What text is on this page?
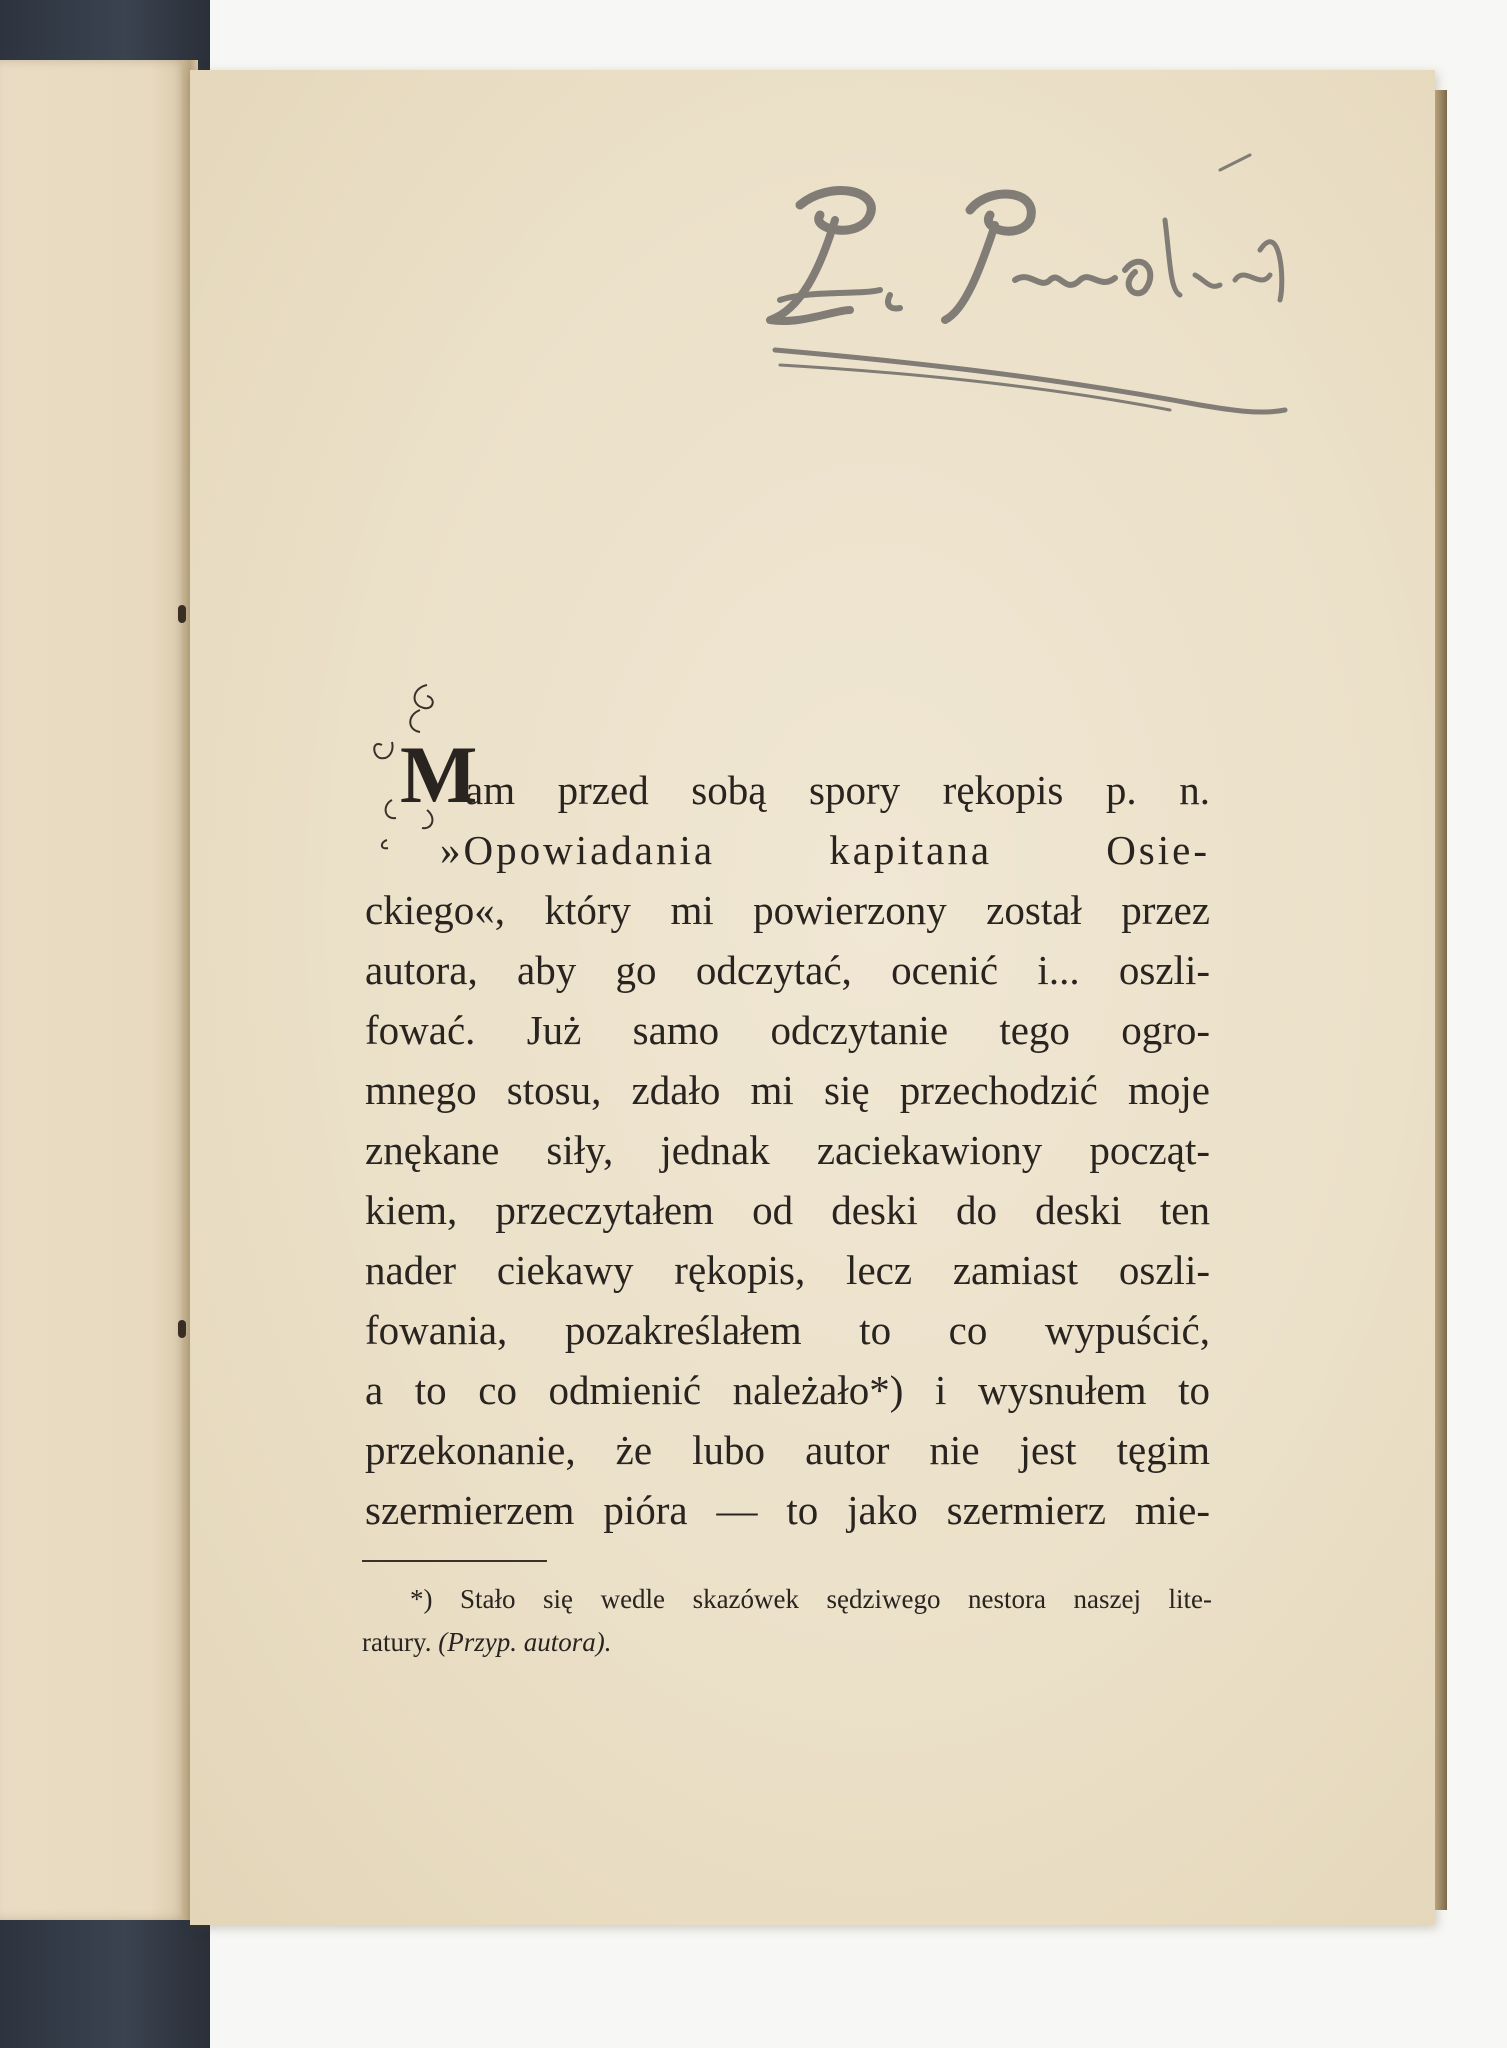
M
am przed sobą spory rękopis p. n.
»Opowiadania kapitana Osie-
ckiego«, który mi powierzony został przez
autora, aby go odczytać, ocenić i... oszli-
fować. Już samo odczytanie tego ogro-
mnego stosu, zdało mi się przechodzić moje
znękane siły, jednak zaciekawiony począt-
kiem, przeczytałem od deski do deski ten
nader ciekawy rękopis, lecz zamiast oszli-
fowania, pozakreślałem to co wypuścić,
a to co odmienić należało*) i wysnułem to
przekonanie, że lubo autor nie jest tęgim
szermierzem pióra — to jako szermierz mie-
*) Stało się wedle skazówek sędziwego nestora naszej lite-
ratury. (Przyp. autora).
